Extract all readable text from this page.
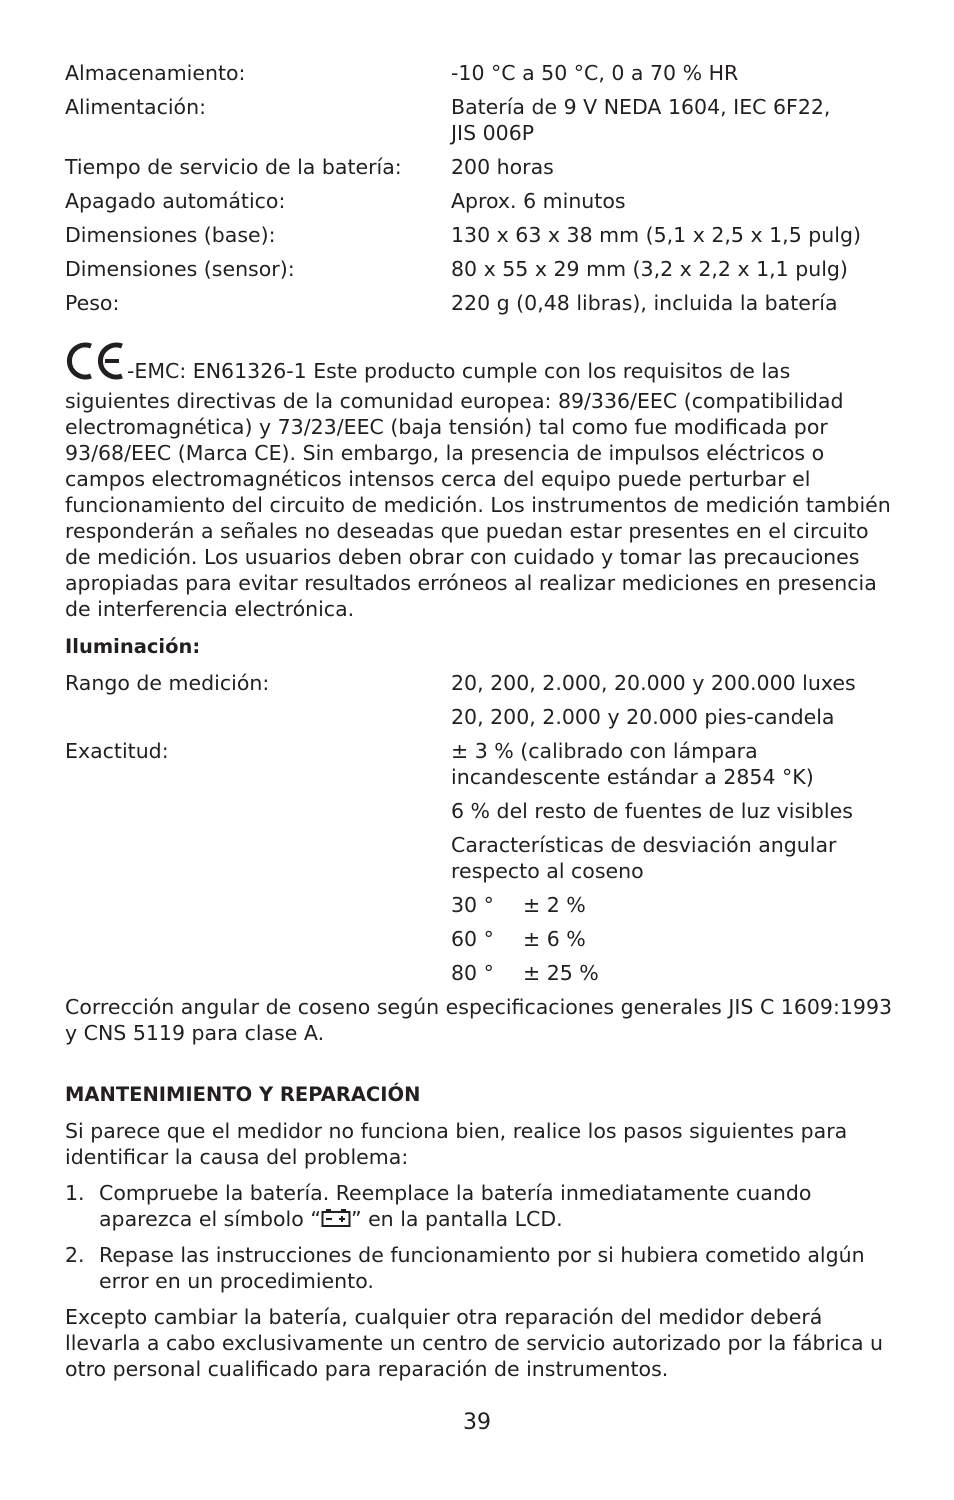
Almacenamiento:	-10 °C a 50 °C, 0 a 70 % HR
Alimentación:	Batería de 9 V NEDA 1604, IEC 6F22,
JIS 006P
Tiempo de servicio de la batería:	200 horas
Apagado automático:	Aprox. 6 minutos
Dimensiones (base):	130 x 63 x 38 mm (5,1 x 2,5 x 1,5 pulg)
Dimensiones (sensor):	80 x 55 x 29 mm (3,2 x 2,2 x 1,1 pulg)
Peso:	220 g (0,48 libras), incluida la batería

-EMC: EN61326-1 Este producto cumple con los requisitos de las siguientes directivas de la comunidad europea: 89/336/EEC (compatibilidad electromagnética) y 73/23/EEC (baja tensión) tal como fue modificada por 93/68/EEC (Marca CE). Sin embargo, la presencia de impulsos eléctricos o campos electromagnéticos intensos cerca del equipo puede perturbar el funcionamiento del circuito de medición. Los instrumentos de medición también responderán a señales no deseadas que puedan estar presentes en el circuito de medición. Los usuarios deben obrar con cuidado y tomar las precauciones apropiadas para evitar resultados erróneos al realizar mediciones en presencia de interferencia electrónica.

Iluminación:
Rango de medición:	20, 200, 2.000, 20.000 y 200.000 luxes
20, 200, 2.000 y 20.000 pies-candela
Exactitud:	± 3 % (calibrado con lámpara incandescente estándar a 2854 °K)
6 % del resto de fuentes de luz visibles
Características de desviación angular respecto al coseno
30 ° ± 2 %
60 ° ± 6 %
80 ° ± 25 %

Corrección angular de coseno según especificaciones generales JIS C 1609:1993 y CNS 5119 para clase A.

MANTENIMIENTO Y REPARACIÓN

Si parece que el medidor no funciona bien, realice los pasos siguientes para identificar la causa del problema:

1. Compruebe la batería. Reemplace la batería inmediatamente cuando aparezca el símbolo “ ” en la pantalla LCD.
2. Repase las instrucciones de funcionamiento por si hubiera cometido algún error en un procedimiento.

Excepto cambiar la batería, cualquier otra reparación del medidor deberá llevarla a cabo exclusivamente un centro de servicio autorizado por la fábrica u otro personal cualificado para reparación de instrumentos.

39
